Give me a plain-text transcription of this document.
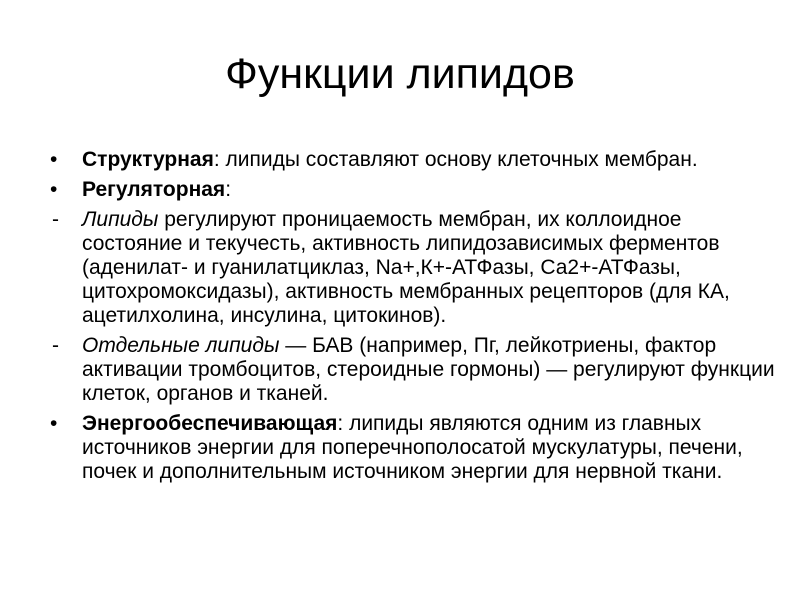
Функции липидов
•	Структурная: липиды составляют основу клеточных мембран.
•	Регуляторная:
-	Липиды регулируют проницаемость мембран, их коллоидное состояние и текучесть, активность липидозависимых ферментов (аденилат- и гуанилатциклаз, Na+,К+-АТФазы, Са2+-АТФазы, цитохромоксидазы), активность мембранных рецепторов (для КА, ацетилхолина, инсулина, цитокинов).
-	Отдельные липиды — БАВ (например, Пг, лейкотриены, фактор активации тромбоцитов, стероидные гормоны) — регулируют функции клеток, органов и тканей.
•	Энергообеспечивающая: липиды являются одним из главных источников энергии для поперечнополосатой мускулатуры, печени, почек и дополнительным источником энергии для нервной ткани.
